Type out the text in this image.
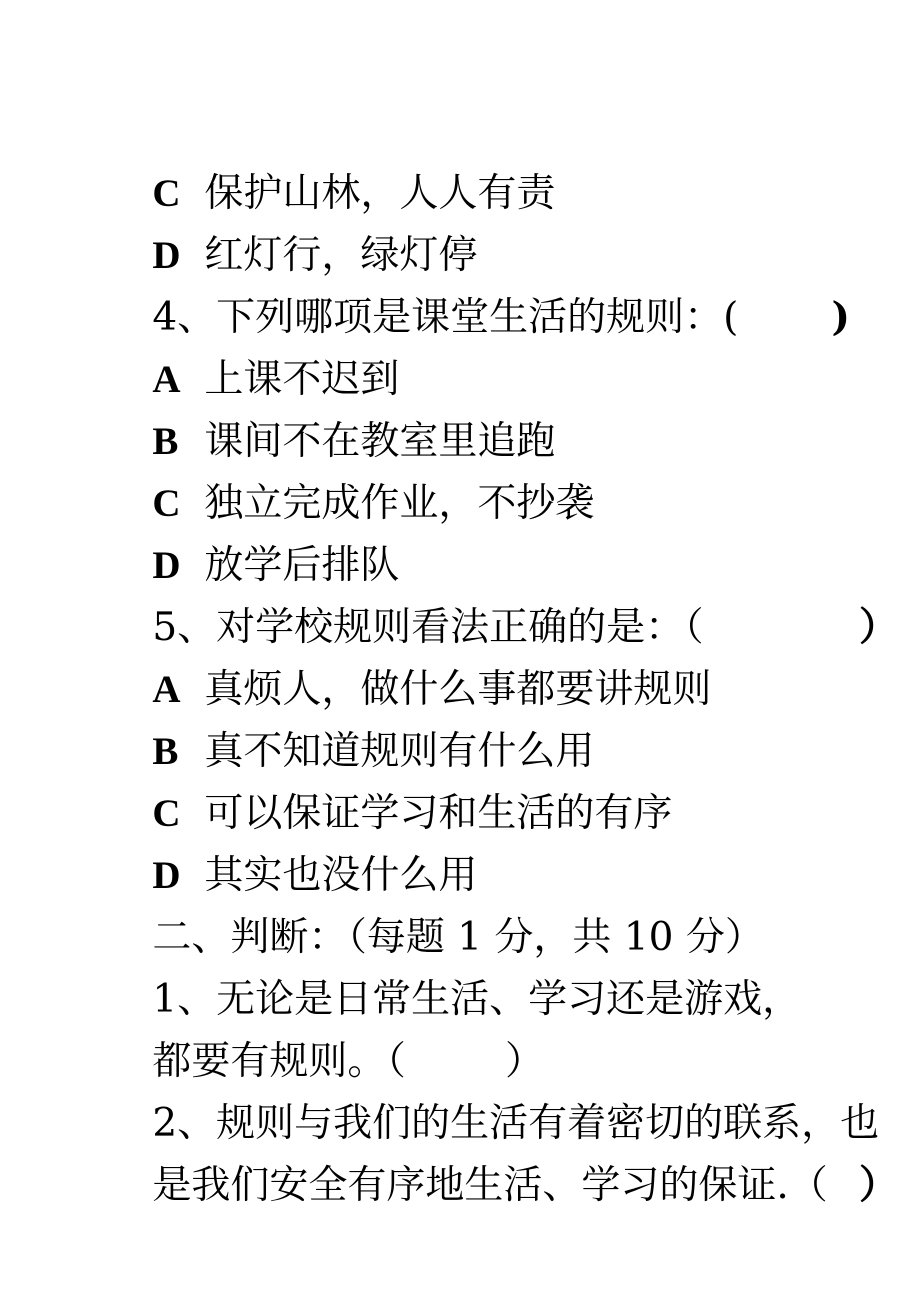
C 保护山林，人人有责

D 红灯行，绿灯停

4、下列哪项是课堂生活的规则：( )

A 上课不迟到

B 课间不在教室里追跑

C 独立完成作业，不抄袭

D 放学后排队

5、对学校规则看法正确的是：（	）

A 真烦人，做什么事都要讲规则

B 真不知道规则有什么用

C 可以保证学习和生活的有序

D 其实也没什么用

二、判断：（每题 1 分，共 10 分）

1、无论是日常生活、学习还是游戏，

都要有规则。（        ）

2、规则与我们的生活有着密切的联系，也

是我们安全有序地生活、学习的保证.（ ）
